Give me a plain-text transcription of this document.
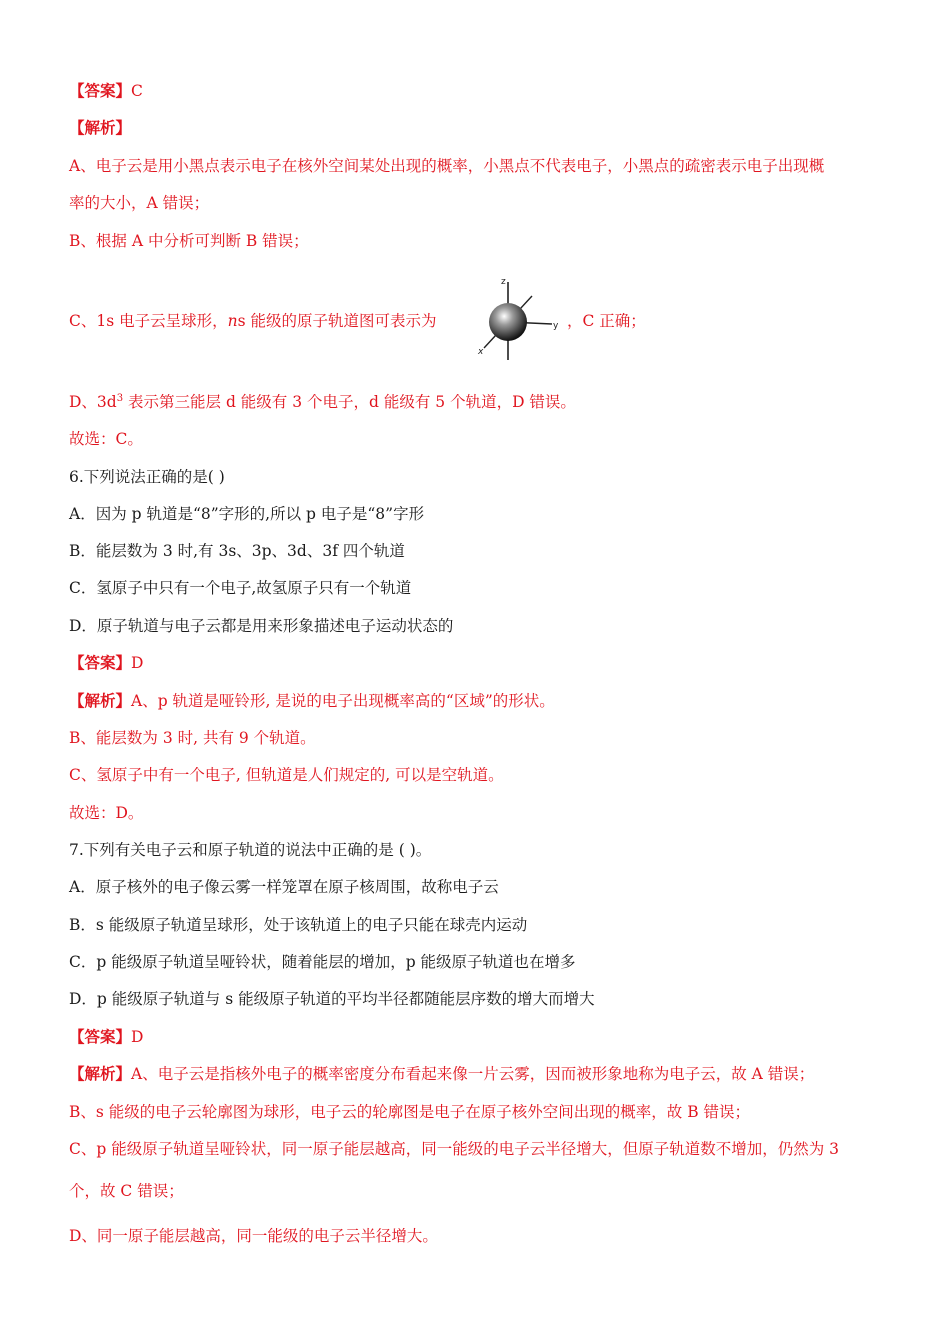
【答案】C
【解析】
A、电子云是用小黑点表示电子在核外空间某处出现的概率，小黑点不代表电子，小黑点的疏密表示电子出现概
率的大小，A 错误；
B、根据 A 中分析可判断 B 错误；
C、1s 电子云呈球形，ns 能级的原子轨道图可表示为	，C 正确；
z
y
x
D、$3d^3$ 表示第三能层 d 能级有 3 个电子，d 能级有 5 个轨道，D 错误。
故选：C。
6.下列说法正确的是( )
A．因为 p 轨道是“8”字形的,所以 p 电子是“8”字形
B．能层数为 3 时,有 3s、3p、3d、3f 四个轨道
C．氢原子中只有一个电子,故氢原子只有一个轨道
D．原子轨道与电子云都是用来形象描述电子运动状态的
【答案】D
【解析】A、p 轨道是哑铃形, 是说的电子出现概率高的“区域”的形状。
B、能层数为 3 时, 共有 9 个轨道。
C、氢原子中有一个电子, 但轨道是人们规定的, 可以是空轨道。
故选：D。
7.下列有关电子云和原子轨道的说法中正确的是 ( )。
A．原子核外的电子像云雾一样笼罩在原子核周围，故称电子云
B．s 能级原子轨道呈球形，处于该轨道上的电子只能在球壳内运动
C．p 能级原子轨道呈哑铃状，随着能层的增加，p 能级原子轨道也在增多
D．p 能级原子轨道与 s 能级原子轨道的平均半径都随能层序数的增大而增大
【答案】D
【解析】A、电子云是指核外电子的概率密度分布看起来像一片云雾，因而被形象地称为电子云，故 A 错误；
B、s 能级的电子云轮廓图为球形，电子云的轮廓图是电子在原子核外空间出现的概率，故 B 错误；
C、p 能级原子轨道呈哑铃状，同一原子能层越高，同一能级的电子云半径增大，但原子轨道数不增加，仍然为 3
个，故 C 错误；
D、同一原子能层越高，同一能级的电子云半径增大。
